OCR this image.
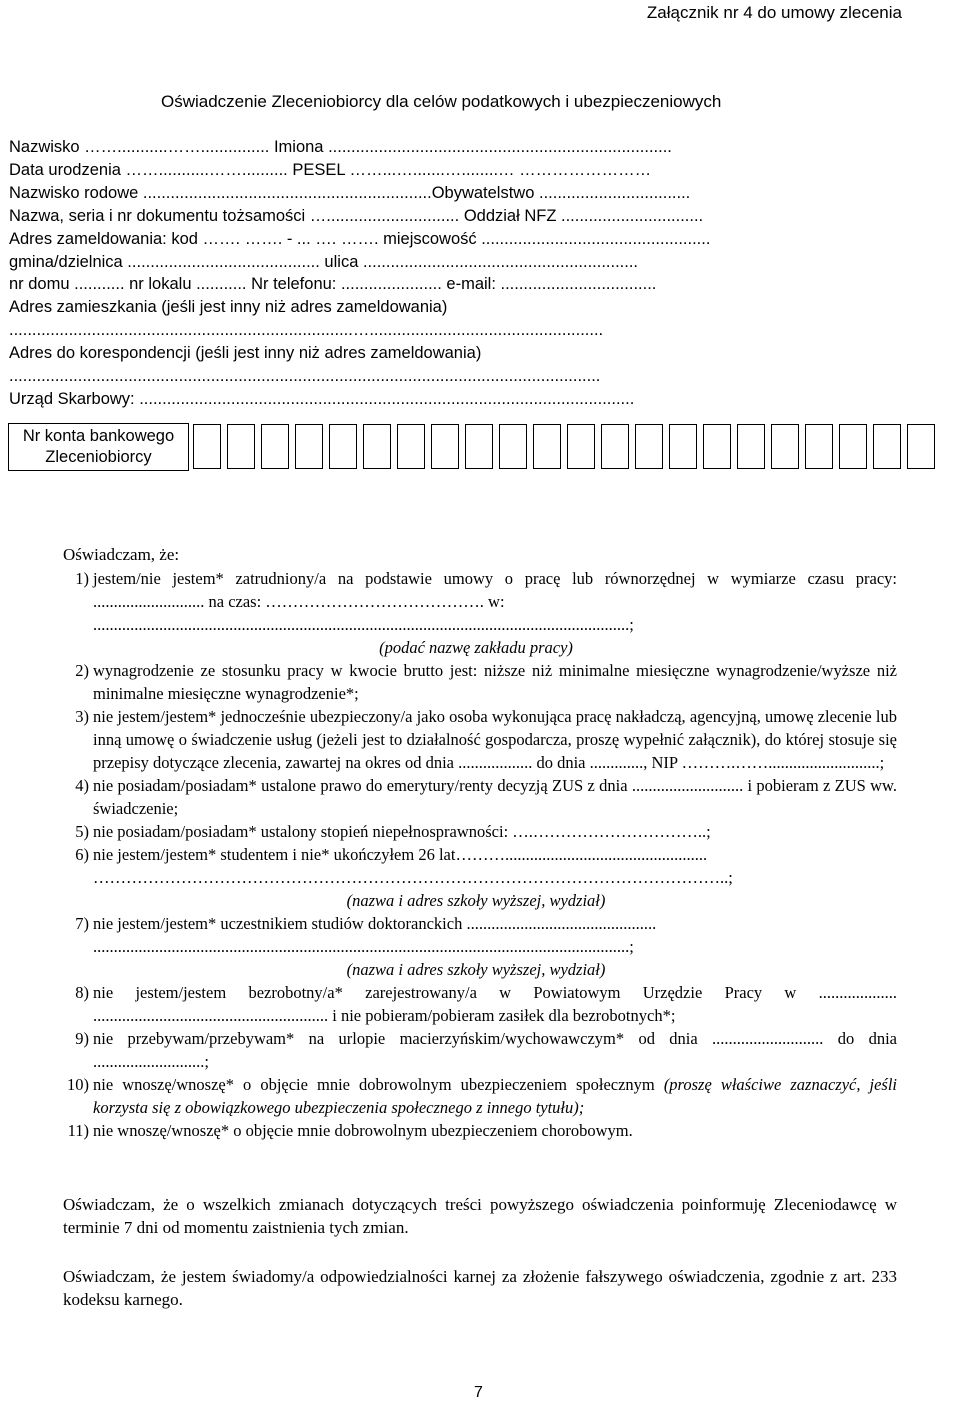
Załącznik nr 4 do umowy zlecenia
Oświadczenie Zleceniobiorcy dla celów podatkowych i ubezpieczeniowych
Nazwisko ……...........……............... Imiona ...........................................................................
Data urodzenia ……...........…….......... PESEL ……...….......…........… ……………………
Nazwisko rodowe ...............................................................Obywatelstwo .................................
Nazwa, seria i nr dokumentu tożsamości …............................. Oddział NFZ ...............................
Adres zameldowania: kod ……. ……. - ... …. ……. miejscowość ..................................................
gmina/dzielnica .......................................... ulica ............................................................
nr domu ........... nr lokalu ........... Nr telefonu: ...................... e-mail: ..................................
Adres zamieszkania (jeśli jest inny niż adres zameldowania)
...........................................................................…...................................................
Adres do korespondencji (jeśli jest inny niż adres zameldowania)
.................................................................................................................................
Urząd Skarbowy: ............................................................................................................
Nr konta bankowego
Zleceniobiorcy
Oświadczam, że:
1) jestem/nie jestem* zatrudniony/a na podstawie umowy o pracę lub równorzędnej w wymiarze czasu pracy: ........................... na czas: …………………………………. w:
..................................................................................................................................;
(podać nazwę zakładu pracy)
2) wynagrodzenie ze stosunku pracy w kwocie brutto jest: niższe niż minimalne miesięczne wynagrodzenie/wyższe niż minimalne miesięczne wynagrodzenie*;
3) nie jestem/jestem* jednocześnie ubezpieczony/a jako osoba wykonująca pracę nakładczą, agencyjną, umowę zlecenie lub inną umowę o świadczenie usług (jeżeli jest to działalność gospodarcza, proszę wypełnić załącznik), do której stosuje się przepisy dotyczące zlecenia, zawartej na okres od dnia .................. do dnia ............., NIP ……….……...........................;
4) nie posiadam/posiadam* ustalone prawo do emerytury/renty decyzją ZUS z dnia ........................... i pobieram z ZUS ww. świadczenie;
5) nie posiadam/posiadam* ustalony stopień niepełnosprawności: ….…………………………..;
6) nie jestem/jestem* studentem i nie* ukończyłem 26 lat……….................................................
……………………………………………………………………………………………………..;
(nazwa i adres szkoły wyższej, wydział)
7) nie jestem/jestem* uczestnikiem studiów doktoranckich ..............................................
..................................................................................................................................;
(nazwa i adres szkoły wyższej, wydział)
8) nie jestem/jestem bezrobotny/a* zarejestrowany/a w Powiatowym Urzędzie Pracy w ................... ......................................................... i nie pobieram/pobieram zasiłek dla bezrobotnych*;
9) nie przebywam/przebywam* na urlopie macierzyńskim/wychowawczym* od dnia ........................... do dnia ...........................;
10) nie wnoszę/wnoszę* o objęcie mnie dobrowolnym ubezpieczeniem społecznym (proszę właściwe zaznaczyć, jeśli korzysta się z obowiązkowego ubezpieczenia społecznego z innego tytułu);
11) nie wnoszę/wnoszę* o objęcie mnie dobrowolnym ubezpieczeniem chorobowym.
Oświadczam, że o wszelkich zmianach dotyczących treści powyższego oświadczenia poinformuję Zleceniodawcę w terminie 7 dni od momentu zaistnienia tych zmian.
Oświadczam, że jestem świadomy/a odpowiedzialności karnej za złożenie fałszywego oświadczenia, zgodnie z art. 233 kodeksu karnego.
7
